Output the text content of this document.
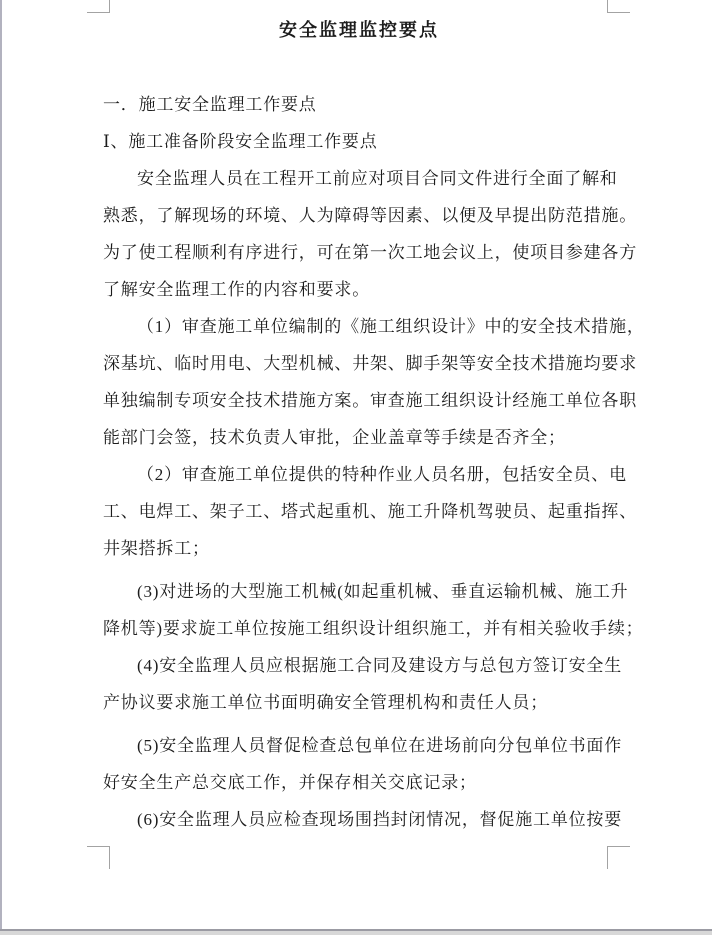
安全监理监控要点
一．施工安全监理工作要点
Ⅰ、施工准备阶段安全监理工作要点
安全监理人员在工程开工前应对项目合同文件进行全面了解和
熟悉，了解现场的环境、人为障碍等因素、以便及早提出防范措施。
为了使工程顺利有序进行，可在第一次工地会议上，使项目参建各方
了解安全监理工作的内容和要求。
（1）审查施工单位编制的《施工组织设计》中的安全技术措施，
深基坑、临时用电、大型机械、井架、脚手架等安全技术措施均要求
单独编制专项安全技术措施方案。审查施工组织设计经施工单位各职
能部门会签，技术负责人审批，企业盖章等手续是否齐全；
（2）审查施工单位提供的特种作业人员名册，包括安全员、电
工、电焊工、架子工、塔式起重机、施工升降机驾驶员、起重指挥、
井架搭拆工；
(3)对进场的大型施工机械(如起重机械、垂直运输机械、施工升
降机等)要求旋工单位按施工组织设计组织施工，并有相关验收手续；
(4)安全监理人员应根据施工合同及建设方与总包方签订安全生
产协议要求施工单位书面明确安全管理机构和责任人员；
(5)安全监理人员督促检查总包单位在进场前向分包单位书面作
好安全生产总交底工作，并保存相关交底记录；
(6)安全监理人员应检查现场围挡封闭情况，督促施工单位按要
